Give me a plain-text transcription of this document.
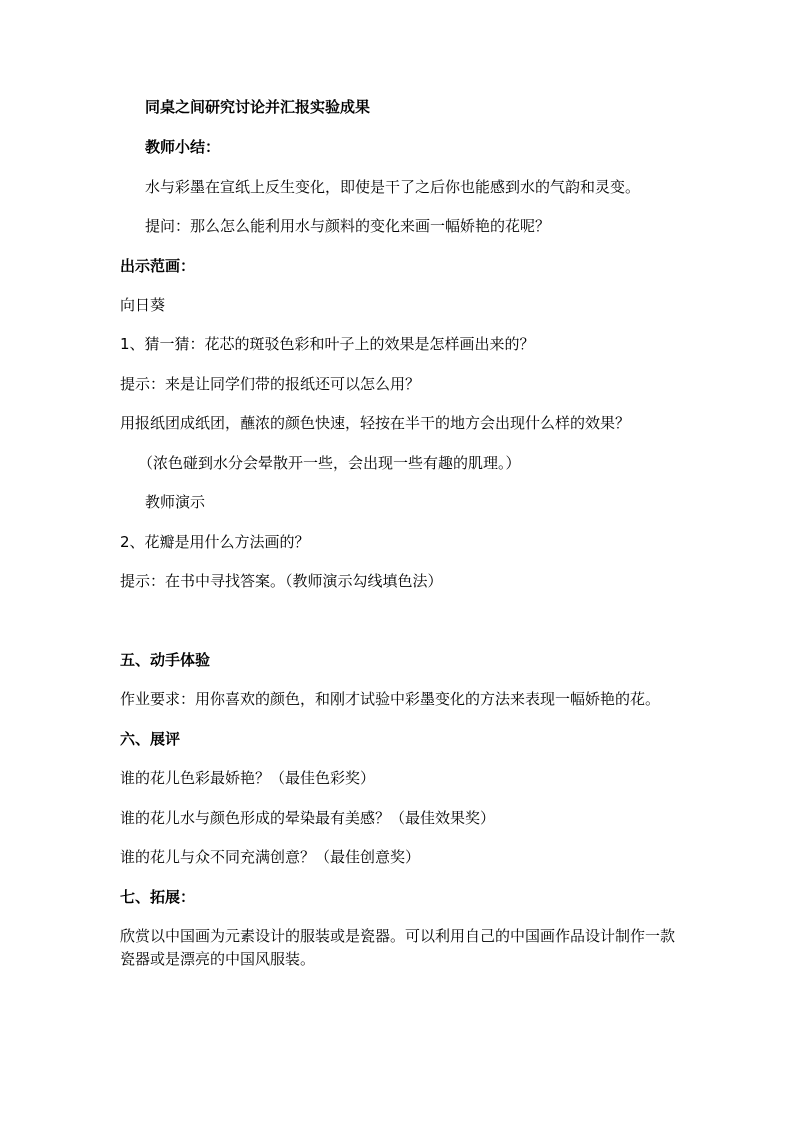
同桌之间研究讨论并汇报实验成果
教师小结：
水与彩墨在宣纸上反生变化，即使是干了之后你也能感到水的气韵和灵变。
提问：那么怎么能利用水与颜料的变化来画一幅娇艳的花呢？
出示范画：
向日葵
1、猜一猜：花芯的斑驳色彩和叶子上的效果是怎样画出来的？
提示：来是让同学们带的报纸还可以怎么用？
用报纸团成纸团，蘸浓的颜色快速，轻按在半干的地方会出现什么样的效果？
（浓色碰到水分会晕散开一些，会出现一些有趣的肌理。）
教师演示
2、花瓣是用什么方法画的？
提示：在书中寻找答案。（教师演示勾线填色法）
五、动手体验
作业要求：用你喜欢的颜色，和刚才试验中彩墨变化的方法来表现一幅娇艳的花。
六、展评
谁的花儿色彩最娇艳？（最佳色彩奖）
谁的花儿水与颜色形成的晕染最有美感？（最佳效果奖）
谁的花儿与众不同充满创意？（最佳创意奖）
七、拓展：
欣赏以中国画为元素设计的服装或是瓷器。可以利用自己的中国画作品设计制作一款瓷器或是漂亮的中国风服装。
